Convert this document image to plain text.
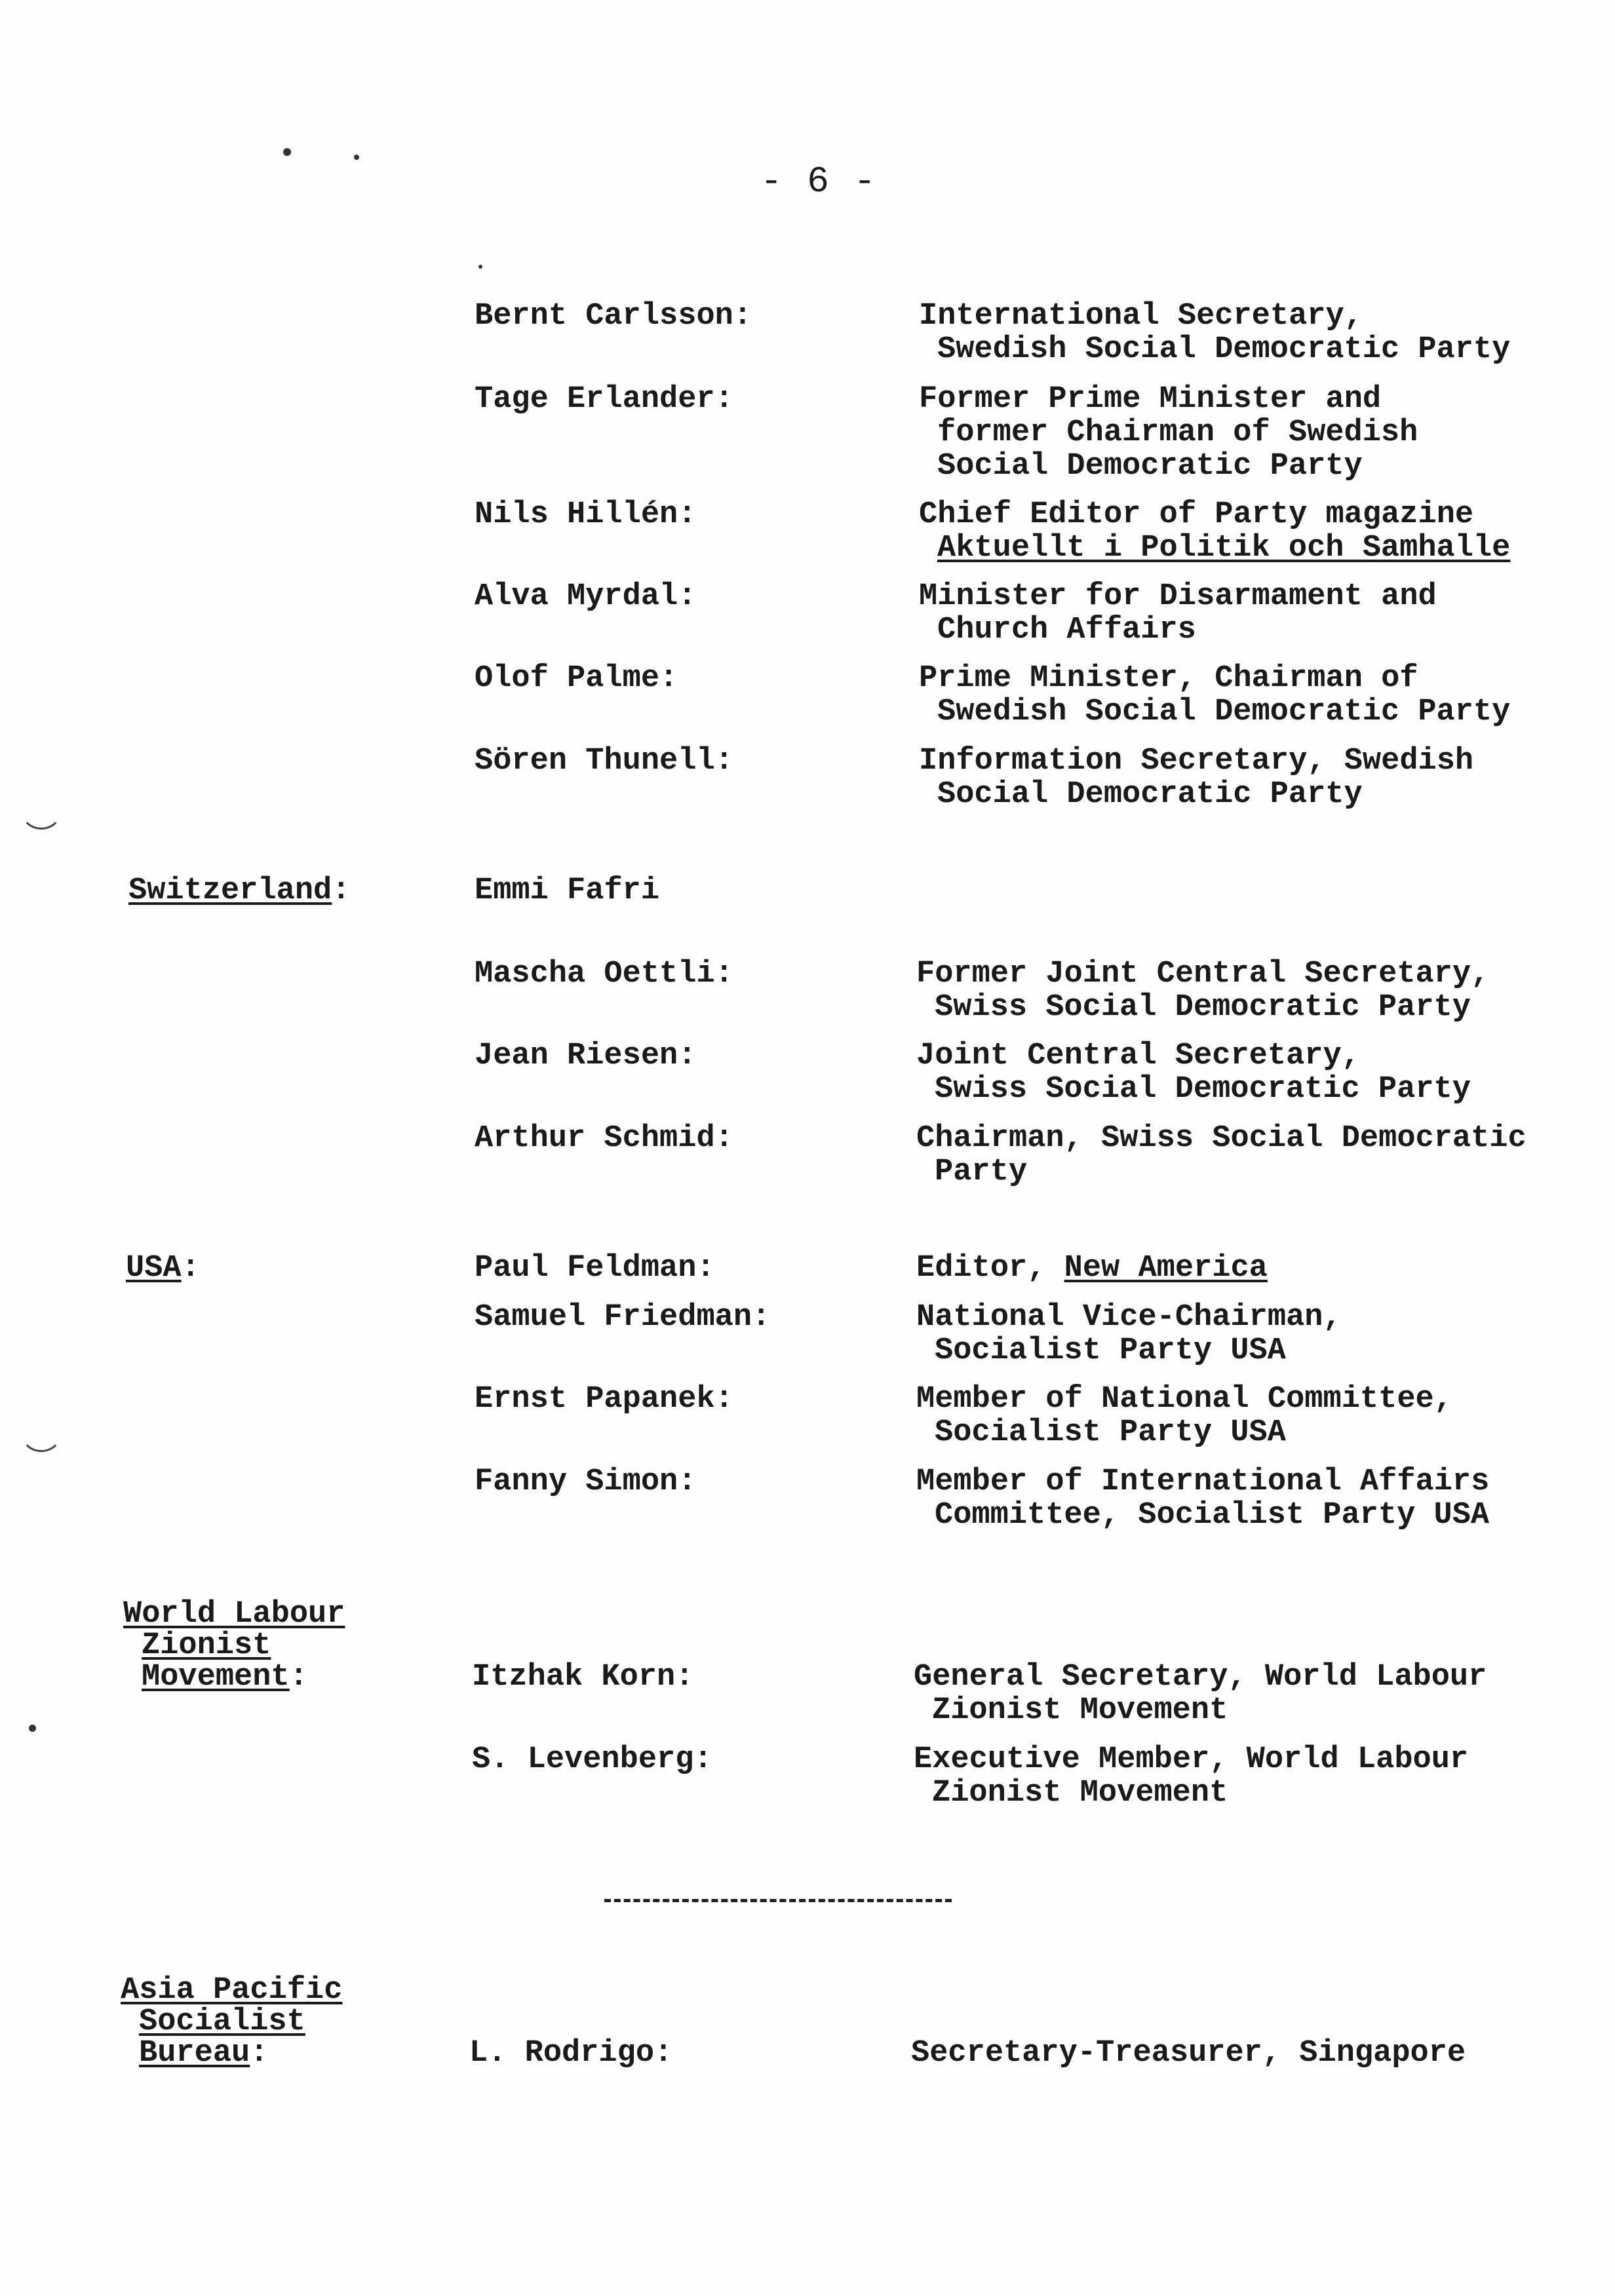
- 6 -
Bernt Carlsson:	International Secretary,
Swedish Social Democratic Party
Tage Erlander:	Former Prime Minister and
former Chairman of Swedish
Social Democratic Party
Nils Hillén:	Chief Editor of Party magazine
Aktuellt i Politik och Samhalle
Alva Myrdal:	Minister for Disarmament and
Church Affairs
Olof Palme:	Prime Minister, Chairman of
Swedish Social Democratic Party
Sören Thunell:	Information Secretary, Swedish
Social Democratic Party
Switzerland:	Emmi Fafri
Mascha Oettli:	Former Joint Central Secretary,
Swiss Social Democratic Party
Jean Riesen:	Joint Central Secretary,
Swiss Social Democratic Party
Arthur Schmid:	Chairman, Swiss Social Democratic
Party
USA:	Paul Feldman:	Editor, New America
Samuel Friedman:	National Vice-Chairman,
Socialist Party USA
Ernst Papanek:	Member of National Committee,
Socialist Party USA
Fanny Simon:	Member of International Affairs
Committee, Socialist Party USA
World Labour
Zionist
Movement:	Itzhak Korn:	General Secretary, World Labour
Zionist Movement
S. Levenberg:	Executive Member, World Labour
Zionist Movement
Asia Pacific
Socialist
Bureau:	L. Rodrigo:	Secretary-Treasurer, Singapore
